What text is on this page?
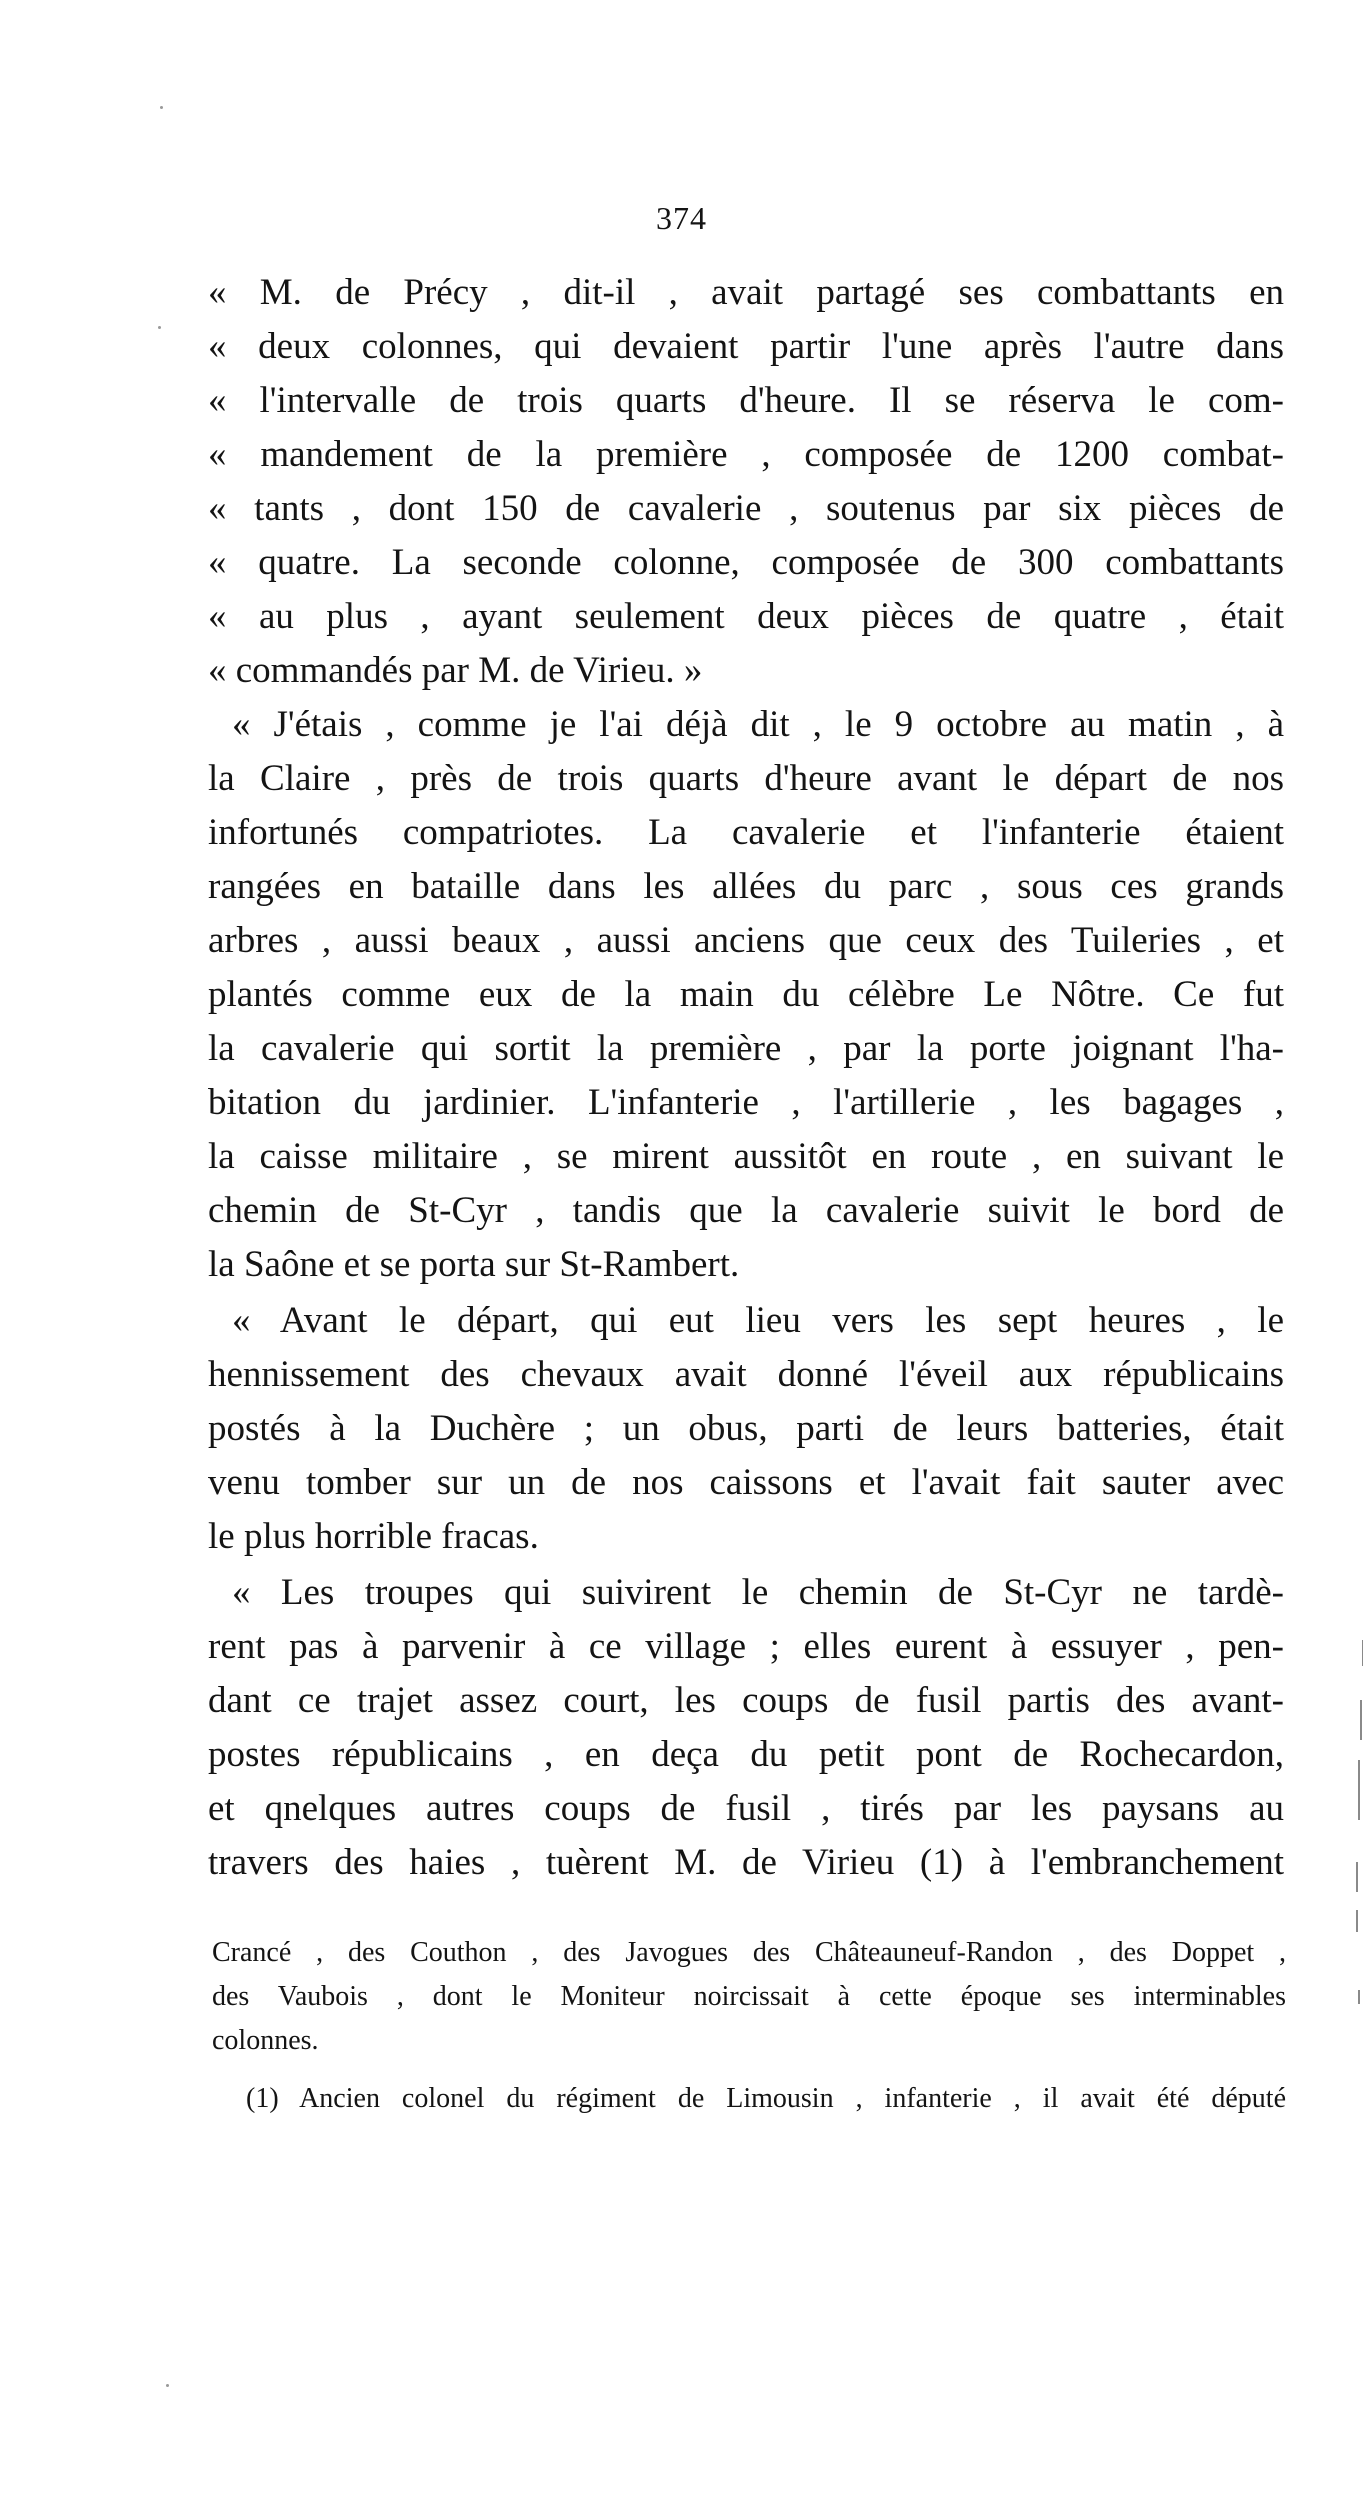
374
« M. de Précy , dit-il , avait partagé ses combattants en
« deux colonnes, qui devaient partir l'une après l'autre dans
« l'intervalle de trois quarts d'heure. Il se réserva le com-
« mandement de la première , composée de 1200 combat-
« tants , dont 150 de cavalerie , soutenus par six pièces de
« quatre. La seconde colonne, composée de 300 combattants
« au plus , ayant seulement deux pièces de quatre , était
« commandés par M. de Virieu. »
« J'étais , comme je l'ai déjà dit , le 9 octobre au matin , à
la Claire , près de trois quarts d'heure avant le départ de nos
infortunés compatriotes. La cavalerie et l'infanterie étaient
rangées en bataille dans les allées du parc , sous ces grands
arbres , aussi beaux , aussi anciens que ceux des Tuileries , et
plantés comme eux de la main du célèbre Le Nôtre. Ce fut
la cavalerie qui sortit la première , par la porte joignant l'ha-
bitation du jardinier. L'infanterie , l'artillerie , les bagages ,
la caisse militaire , se mirent aussitôt en route , en suivant le
chemin de St-Cyr , tandis que la cavalerie suivit le bord de
la Saône et se porta sur St-Rambert.
« Avant le départ, qui eut lieu vers les sept heures , le
hennissement des chevaux avait donné l'éveil aux républicains
postés à la Duchère ; un obus, parti de leurs batteries, était
venu tomber sur un de nos caissons et l'avait fait sauter avec
le plus horrible fracas.
« Les troupes qui suivirent le chemin de St-Cyr ne tardè-
rent pas à parvenir à ce village ; elles eurent à essuyer , pen-
dant ce trajet assez court, les coups de fusil partis des avant-
postes républicains , en deça du petit pont de Rochecardon,
et qnelques autres coups de fusil , tirés par les paysans au
travers des haies , tuèrent M. de Virieu (1) à l'embranchement
Crancé , des Couthon , des Javogues des Châteauneuf-Randon , des Doppet ,
des Vaubois , dont le Moniteur noircissait à cette époque ses interminables
colonnes.
(1) Ancien colonel du régiment de Limousin , infanterie , il avait été député
